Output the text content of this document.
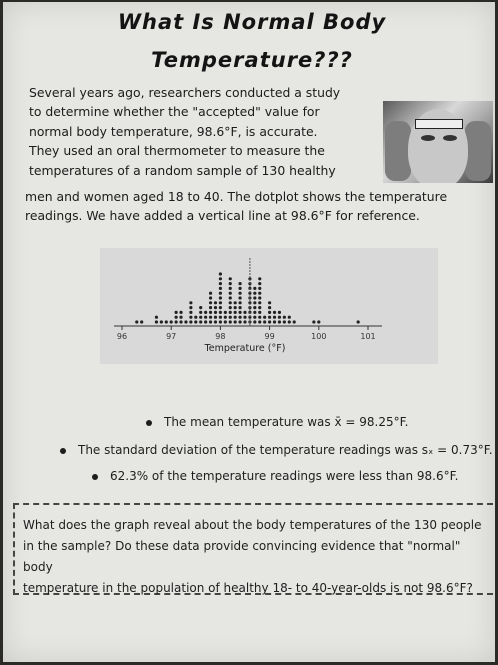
What Is Normal Body
Temperature???
Several years ago, researchers conducted a study
to determine whether the "accepted" value for
normal body temperature, 98.6°F, is accurate.
They used an oral thermometer to measure the
temperatures of a random sample of 130 healthy
men and women aged 18 to 40. The dotplot shows the temperature
readings. We have added a vertical line at 98.6°F for reference.
96	97	98	99	100	101
Temperature (°F)
The mean temperature was x̄ = 98.25°F.
The standard deviation of the temperature readings was sₓ = 0.73°F.
62.3% of the temperature readings were less than 98.6°F.
What does the graph reveal about the body temperatures of the 130 people
in the sample? Do these data provide convincing evidence that "normal" body
temperature in the population of healthy 18- to 40-year-olds is not 98.6°F?
